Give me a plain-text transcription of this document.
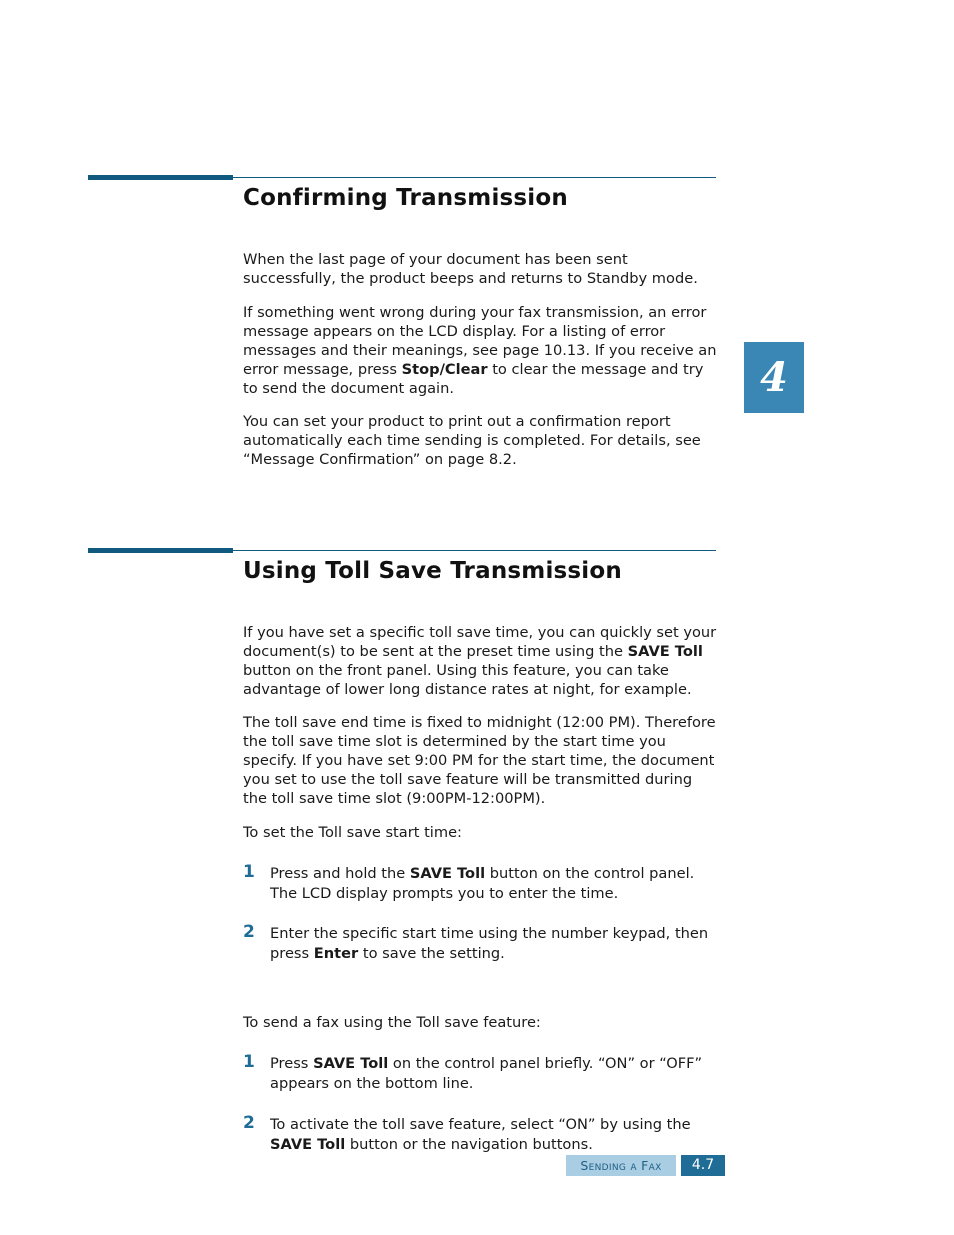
Confirming Transmission

When the last page of your document has been sent successfully, the product beeps and returns to Standby mode.

If something went wrong during your fax transmission, an error message appears on the LCD display. For a listing of error messages and their meanings, see page 10.13. If you receive an error message, press Stop/Clear to clear the message and try to send the document again.

You can set your product to print out a confirmation report automatically each time sending is completed. For details, see “Message Confirmation” on page 8.2.

4
Using Toll Save Transmission

If you have set a specific toll save time, you can quickly set your document(s) to be sent at the preset time using the SAVE Toll button on the front panel. Using this feature, you can take advantage of lower long distance rates at night, for example.

The toll save end time is fixed to midnight (12:00 PM). Therefore the toll save time slot is determined by the start time you specify. If you have set 9:00 PM for the start time, the document you set to use the toll save feature will be transmitted during the toll save time slot (9:00PM-12:00PM).

To set the Toll save start time:

1 Press and hold the SAVE Toll button on the control panel. The LCD display prompts you to enter the time.

2 Enter the specific start time using the number keypad, then press Enter to save the setting.

To send a fax using the Toll save feature:

1 Press SAVE Toll on the control panel briefly. “ON” or “OFF” appears on the bottom line.

2 To activate the toll save feature, select “ON” by using the SAVE Toll button or the navigation buttons.

Sending a Fax	4.7
